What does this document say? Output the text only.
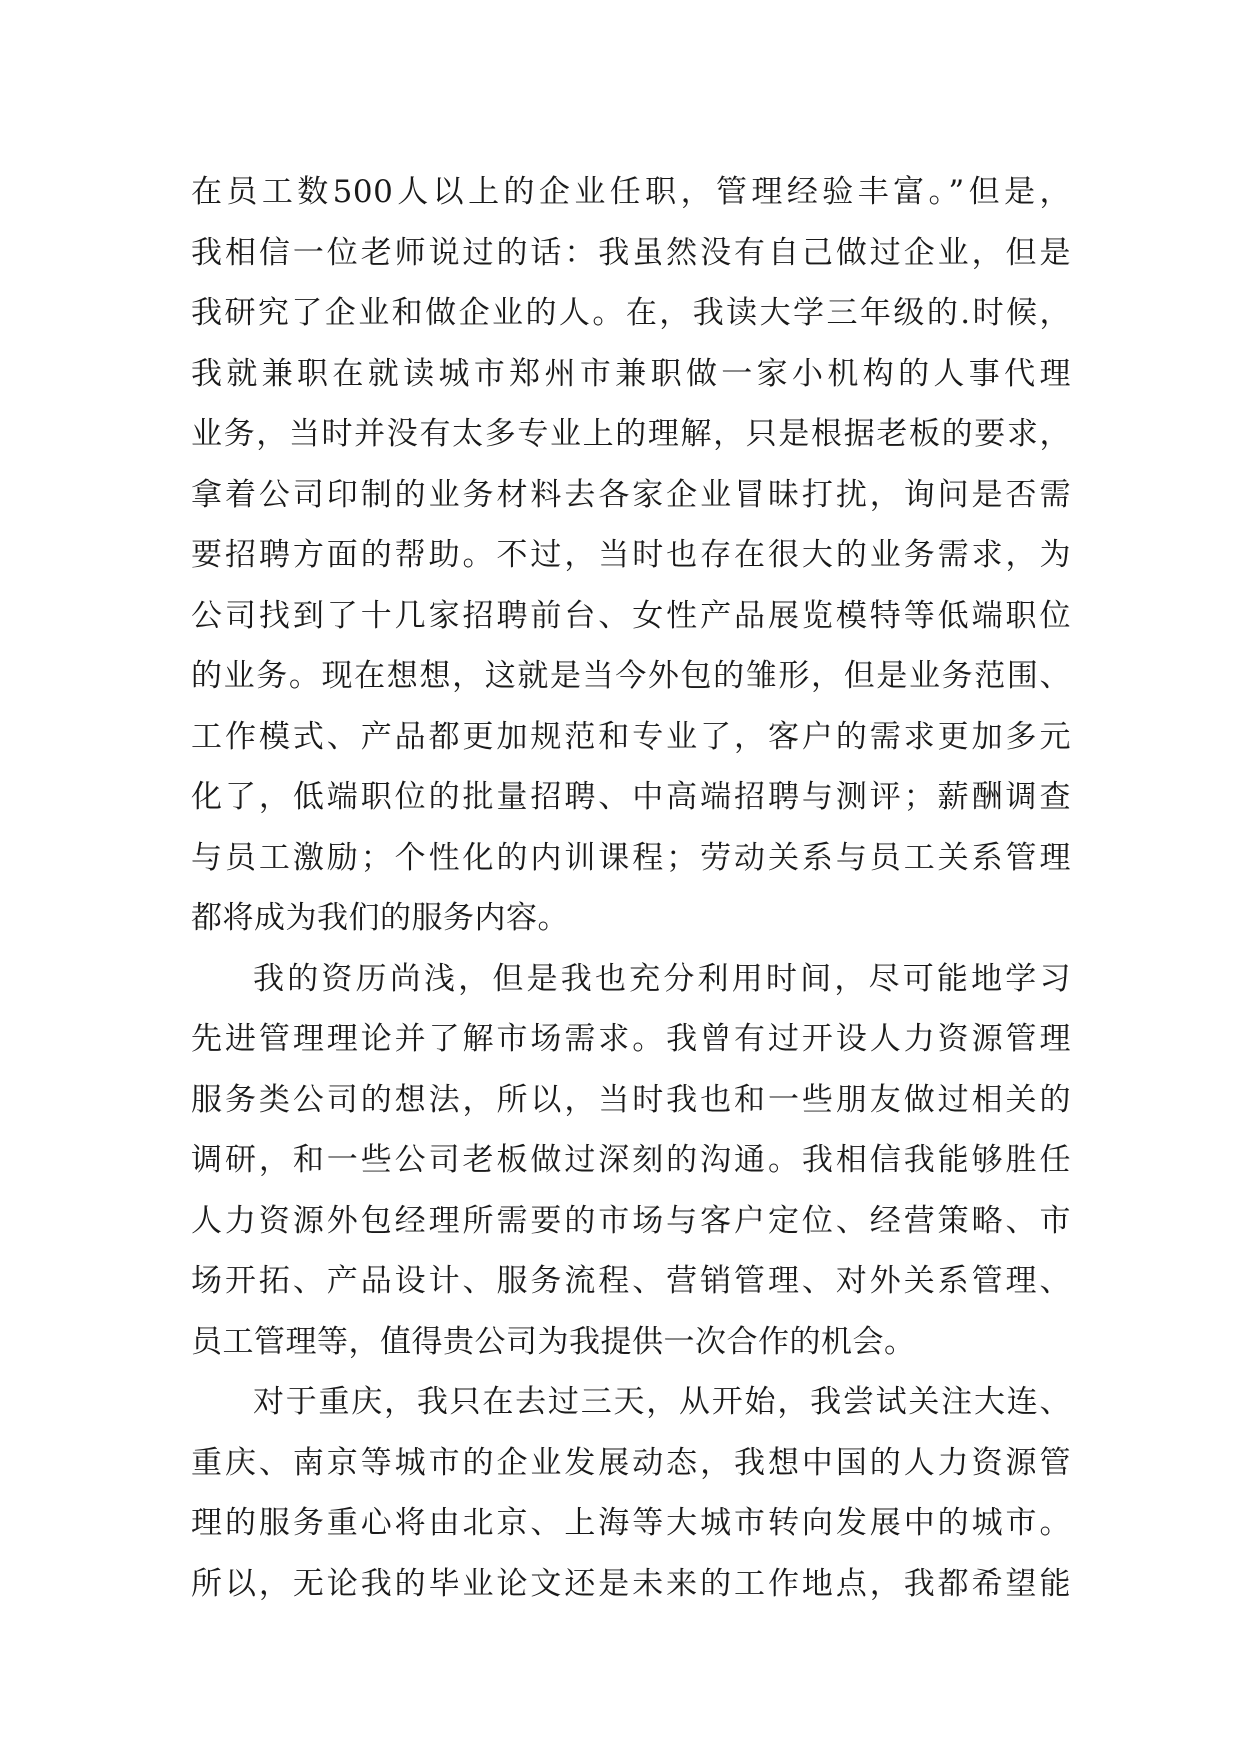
在员工数500人以上的企业任职，管理经验丰富。”但是，
我相信一位老师说过的话：我虽然没有自己做过企业，但是
我研究了企业和做企业的人。在，我读大学三年级的.时候，
我就兼职在就读城市郑州市兼职做一家小机构的人事代理
业务，当时并没有太多专业上的理解，只是根据老板的要求，
拿着公司印制的业务材料去各家企业冒昧打扰，询问是否需
要招聘方面的帮助。不过，当时也存在很大的业务需求，为
公司找到了十几家招聘前台、女性产品展览模特等低端职位
的业务。现在想想，这就是当今外包的雏形，但是业务范围、
工作模式、产品都更加规范和专业了，客户的需求更加多元
化了，低端职位的批量招聘、中高端招聘与测评；薪酬调查
与员工激励；个性化的内训课程；劳动关系与员工关系管理
都将成为我们的服务内容。
我的资历尚浅，但是我也充分利用时间，尽可能地学习
先进管理理论并了解市场需求。我曾有过开设人力资源管理
服务类公司的想法，所以，当时我也和一些朋友做过相关的
调研，和一些公司老板做过深刻的沟通。我相信我能够胜任
人力资源外包经理所需要的市场与客户定位、经营策略、市
场开拓、产品设计、服务流程、营销管理、对外关系管理、
员工管理等，值得贵公司为我提供一次合作的机会。
对于重庆，我只在去过三天，从开始，我尝试关注大连、
重庆、南京等城市的企业发展动态，我想中国的人力资源管
理的服务重心将由北京、上海等大城市转向发展中的城市。
所以，无论我的毕业论文还是未来的工作地点，我都希望能
